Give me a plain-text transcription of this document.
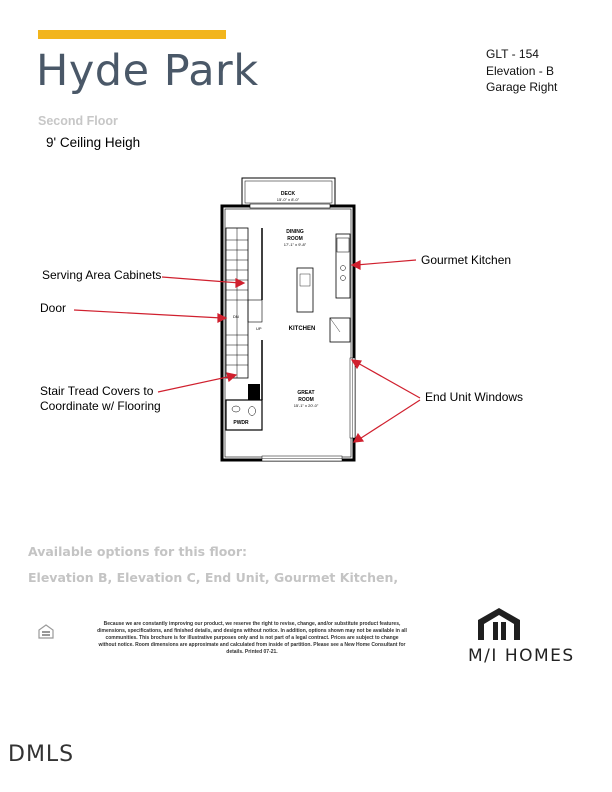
Hyde Park	GLT - 154
Elevation - B
Garage Right
Second Floor
9' Ceiling Heigh
DECK
15'-0" x 8'-0"
DN
UP
DINING
ROOM
17'-1" x 9'-8"
KITCHEN
GREAT
ROOM
15'-1" x 20'-0"
PWDR
Serving Area Cabinets
Door
Stair Tread Covers to
Coordinate w/ Flooring
Gourmet Kitchen
End Unit Windows
Available options for this floor:
Elevation B, Elevation C, End Unit, Gourmet Kitchen,
Because we are constantly improving our product, we reserve the right to revise, change, and/or substitute product features, dimensions, specifications, and finished details, and designs without notice. In addition, options shown may not be available in all communities. This brochure is for illustrative purposes only and is not part of a legal contract. Prices are subject to change without notice. Room dimensions are approximate and calculated from inside of partition. Please see a New Home Consultant for details. Printed 07-21.	M/I HOMES
DMLS
